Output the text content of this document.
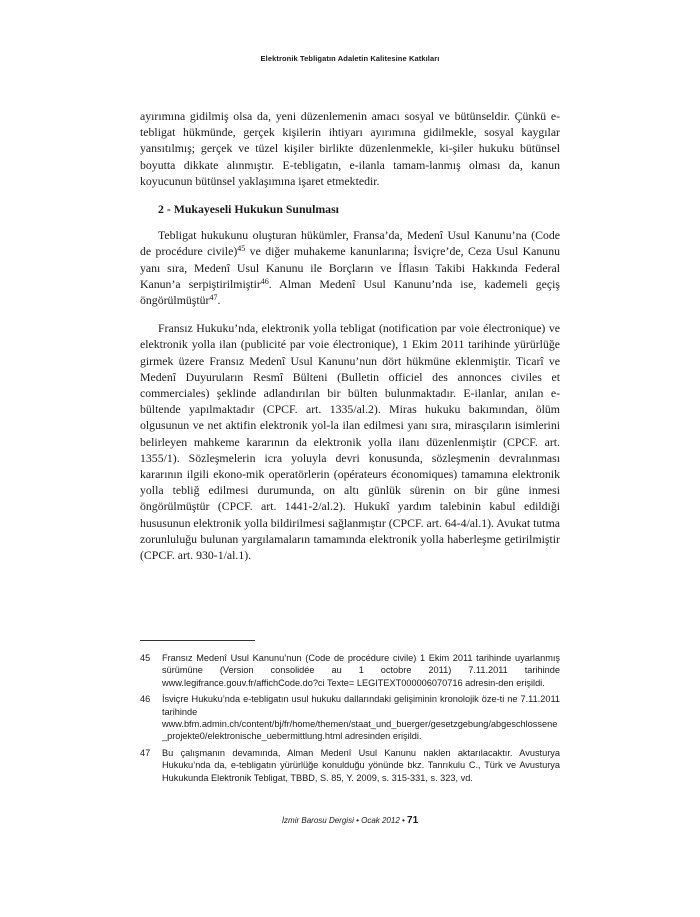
Elektronik Tebligatın Adaletin Kalitesine Katkıları

ayırımına gidilmiş olsa da, yeni düzenlemenin amacı sosyal ve bütünseldir. Çünkü e-tebligat hükmünde, gerçek kişilerin ihtiyarı ayırımına gidilmekle, sosyal kaygılar yansıtılmış; gerçek ve tüzel kişiler birlikte düzenlenmekle, ki-şiler hukuku bütünsel boyutta dikkate alınmıştır. E-tebligatın, e-ilanla tamam-lanmış olması da, kanun koyucunun bütünsel yaklaşımına işaret etmektedir.

2 - Mukayeseli Hukukun Sunulması

Tebligat hukukunu oluşturan hükümler, Fransa’da, Medenî Usul Kanunu’na (Code de procédure civile)$^{45}$ ve diğer muhakeme kanunlarına; İsviçre’de, Ceza Usul Kanunu yanı sıra, Medenî Usul Kanunu ile Borçların ve İflasın Takibi Hakkında Federal Kanun’a serpiştirilmiştir$^{46}$. Alman Medenî Usul Kanunu’nda ise, kademeli geçiş öngörülmüştür$^{47}$.

Fransız Hukuku’nda, elektronik yolla tebligat (notification par voie électronique) ve elektronik yolla ilan (publicité par voie électronique), 1 Ekim 2011 tarihinde yürürlüğe girmek üzere Fransız Medenî Usul Kanunu’nun dört hükmüne eklenmiştir. Ticarî ve Medenî Duyuruların Resmî Bülteni (Bulletin officiel des annonces civiles et commerciales) şeklinde adlandırılan bir bülten bulunmaktadır. E-ilanlar, anılan e-bültende yapılmaktadır (CPCF. art. 1335/al.2). Miras hukuku bakımından, ölüm olgusunun ve net aktifin elektronik yol-la ilan edilmesi yanı sıra, mirasçıların isimlerini belirleyen mahkeme kararının da elektronik yolla ilanı düzenlenmiştir (CPCF. art. 1355/1). Sözleşmelerin icra yoluyla devri konusunda, sözleşmenin devralınması kararının ilgili ekono-mik operatörlerin (opérateurs économiques) tamamına elektronik yolla tebliğ edilmesi durumunda, on altı günlük sürenin on bir güne inmesi öngörülmüştür (CPCF. art. 1441-2/al.2). Hukukî yardım talebinin kabul edildiği hususunun elektronik yolla bildirilmesi sağlanmıştır (CPCF. art. 64-4/al.1). Avukat tutma zorunluluğu bulunan yargılamaların tamamında elektronik yolla haberleşme getirilmiştir (CPCF. art. 930-1/al.1).

45	Fransız Medenî Usul Kanunu’nun (Code de procédure civile) 1 Ekim 2011 tarihinde uyarlanmış sürümüne (Version consolidée au 1 octobre 2011) 7.11.2011 tarihinde www.legifrance.gouv.fr/affichCode.do?ci Texte= LEGITEXT000006070716 adresin-den erişildi.
46	İsviçre Hukuku’nda e-tebligatın usul hukuku dallarındaki gelişiminin kronolojik öze-ti ne 7.11.2011 tarihinde www.bfm.admin.ch/content/bj/fr/home/themen/staat_und_buerger/gesetzgebung/abgeschlossene_projekte0/elektronische_uebermittlung.html adresinden erişildi.
47	Bu çalışmanın devamında, Alman Medenî Usul Kanunu naklen aktarılacaktır. Avusturya Hukuku’nda da, e-tebligatın yürürlüğe konulduğu yönünde bkz. Tanrıkulu C., Türk ve Avusturya Hukukunda Elektronik Tebligat, TBBD, S. 85, Y. 2009, s. 315-331, s. 323, vd.
İzmir Barosu Dergisi • Ocak 2012 • 71
